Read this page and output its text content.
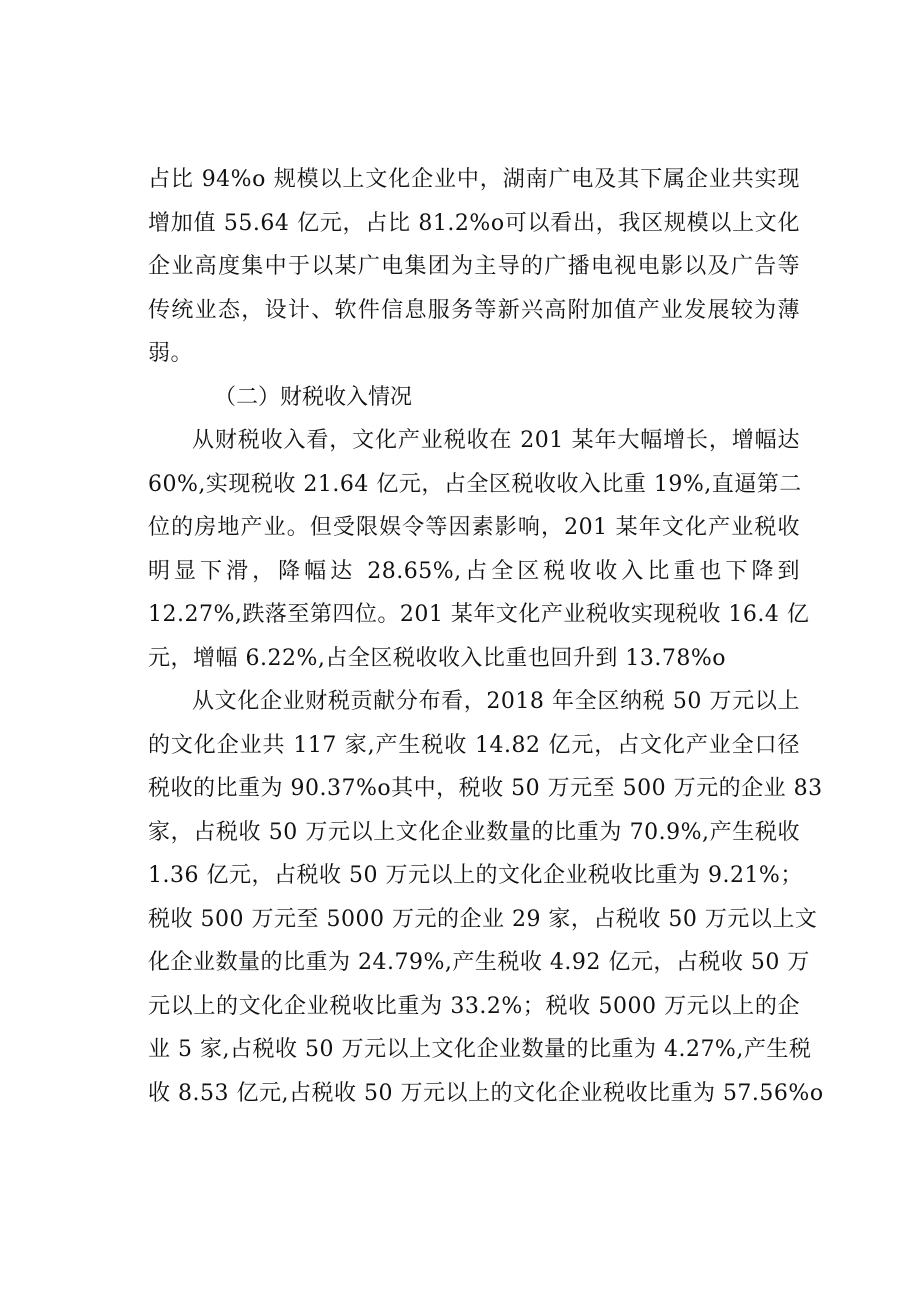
占比 94%o 规模以上文化企业中，湖南广电及其下属企业共实现
增加值 55.64 亿元，占比 81.2%o可以看出，我区规模以上文化
企业高度集中于以某广电集团为主导的广播电视电影以及广告等
传统业态，设计、软件信息服务等新兴高附加值产业发展较为薄
弱。
（二）财税收入情况
从财税收入看，文化产业税收在 201 某年大幅增长，增幅达
60%,实现税收 21.64 亿元，占全区税收收入比重 19%,直逼第二
位的房地产业。但受限娱令等因素影响，201 某年文化产业税收
明显下滑，降幅达 28.65%,占全区税收收入比重也下降到
12.27%,跌落至第四位。201 某年文化产业税收实现税收 16.4 亿
元，增幅 6.22%,占全区税收收入比重也回升到 13.78%o
从文化企业财税贡献分布看，2018 年全区纳税 50 万元以上
的文化企业共 117 家,产生税收 14.82 亿元，占文化产业全口径
税收的比重为 90.37%o其中，税收 50 万元至 500 万元的企业 83
家，占税收 50 万元以上文化企业数量的比重为 70.9%,产生税收
1.36 亿元，占税收 50 万元以上的文化企业税收比重为 9.21%；
税收 500 万元至 5000 万元的企业 29 家，占税收 50 万元以上文
化企业数量的比重为 24.79%,产生税收 4.92 亿元，占税收 50 万
元以上的文化企业税收比重为 33.2%；税收 5000 万元以上的企
业 5 家,占税收 50 万元以上文化企业数量的比重为 4.27%,产生税
收 8.53 亿元,占税收 50 万元以上的文化企业税收比重为 57.56%o
